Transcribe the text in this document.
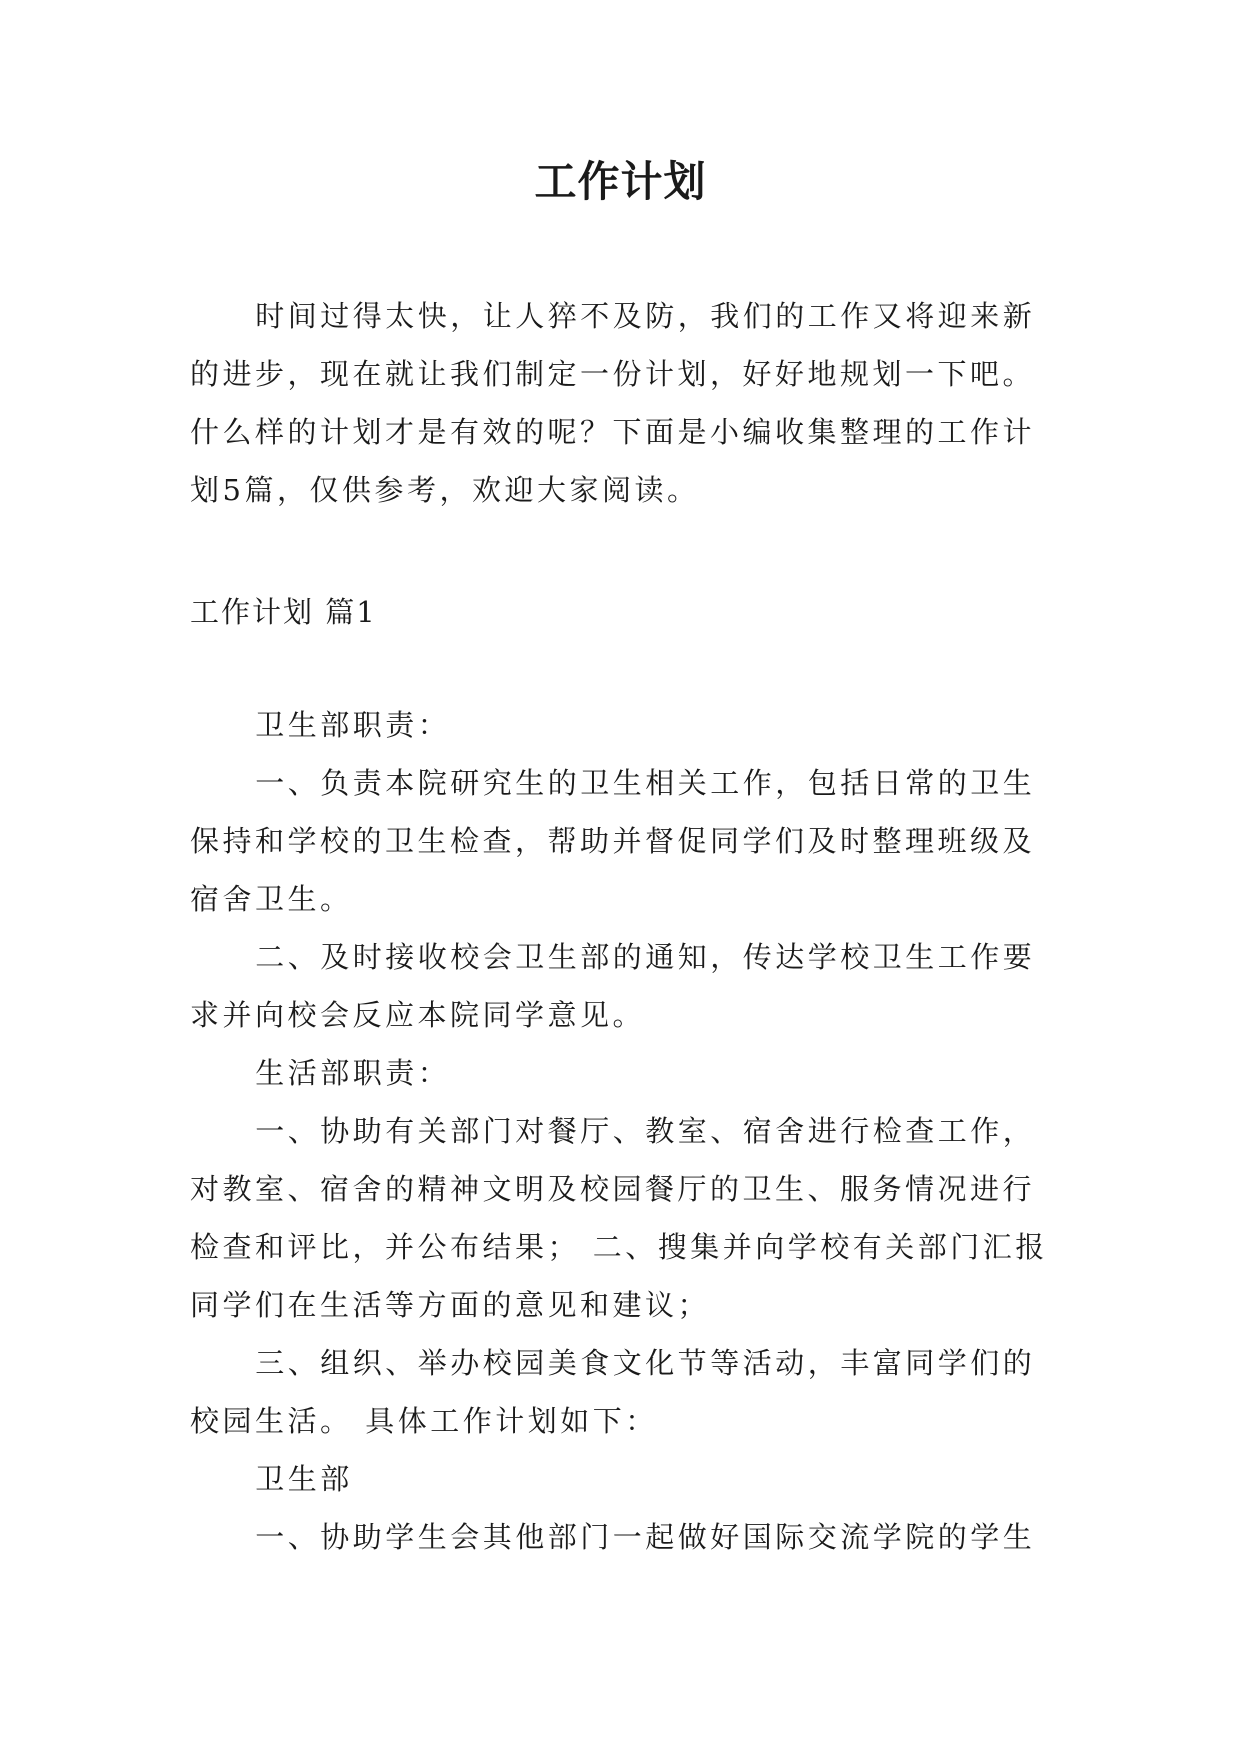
工作计划

时间过得太快，让人猝不及防，我们的工作又将迎来新的进步，现在就让我们制定一份计划，好好地规划一下吧。什么样的计划才是有效的呢？下面是小编收集整理的工作计划5篇，仅供参考，欢迎大家阅读。

工作计划 篇1

卫生部职责：

一、负责本院研究生的卫生相关工作，包括日常的卫生保持和学校的卫生检查，帮助并督促同学们及时整理班级及宿舍卫生。

二、及时接收校会卫生部的通知，传达学校卫生工作要求并向校会反应本院同学意见。

生活部职责：

一、协助有关部门对餐厅、教室、宿舍进行检查工作，对教室、宿舍的精神文明及校园餐厅的卫生、服务情况进行检查和评比，并公布结果； 二、搜集并向学校有关部门汇报同学们在生活等方面的意见和建议；

三、组织、举办校园美食文化节等活动，丰富同学们的校园生活。 具体工作计划如下：

卫生部

一、协助学生会其他部门一起做好国际交流学院的学生
